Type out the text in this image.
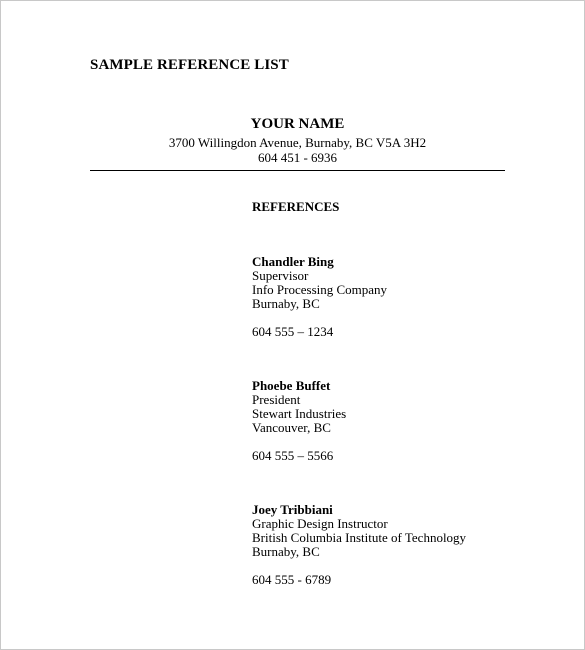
SAMPLE REFERENCE LIST
YOUR NAME
3700 Willingdon Avenue, Burnaby, BC V5A 3H2
604 451 - 6936
REFERENCES
Chandler Bing
Supervisor
Info Processing Company
Burnaby, BC
604 555 – 1234
Phoebe Buffet
President
Stewart Industries
Vancouver, BC
604 555 – 5566
Joey Tribbiani
Graphic Design Instructor
British Columbia Institute of Technology
Burnaby, BC
604 555 - 6789
